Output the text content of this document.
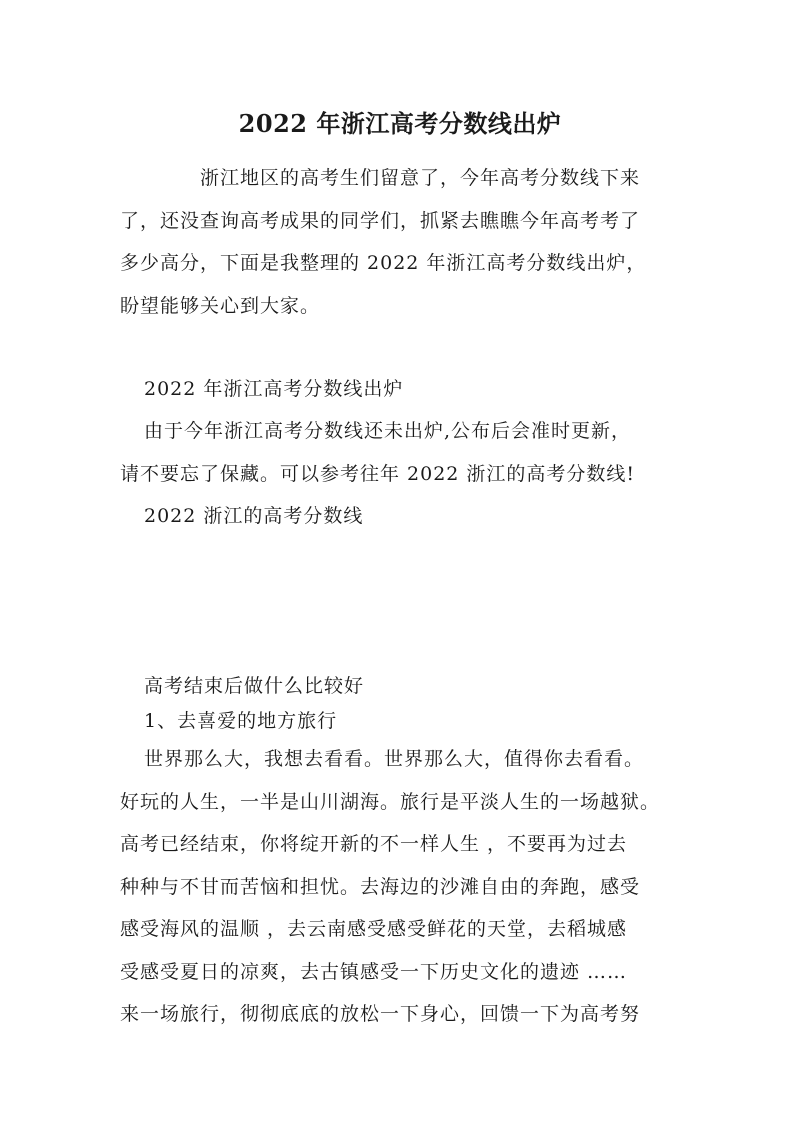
2022 年浙江高考分数线出炉
浙江地区的高考生们留意了，今年高考分数线下来
了，还没查询高考成果的同学们，抓紧去瞧瞧今年高考考了
多少高分，下面是我整理的 2022 年浙江高考分数线出炉，
盼望能够关心到大家。
2022 年浙江高考分数线出炉
由于今年浙江高考分数线还未出炉,公布后会准时更新，
请不要忘了保藏。可以参考往年 2022 浙江的高考分数线!
2022 浙江的高考分数线
高考结束后做什么比较好
1、去喜爱的地方旅行
世界那么大，我想去看看。世界那么大，值得你去看看。
好玩的人生，一半是山川湖海。旅行是平淡人生的一场越狱。
高考已经结束，你将绽开新的不一样人生 ，不要再为过去
种种与不甘而苦恼和担忧。去海边的沙滩自由的奔跑，感受
感受海风的温顺 ，去云南感受感受鲜花的天堂，去稻城感
受感受夏日的凉爽，去古镇感受一下历史文化的遗迹 ……
来一场旅行，彻彻底底的放松一下身心，回馈一下为高考努
